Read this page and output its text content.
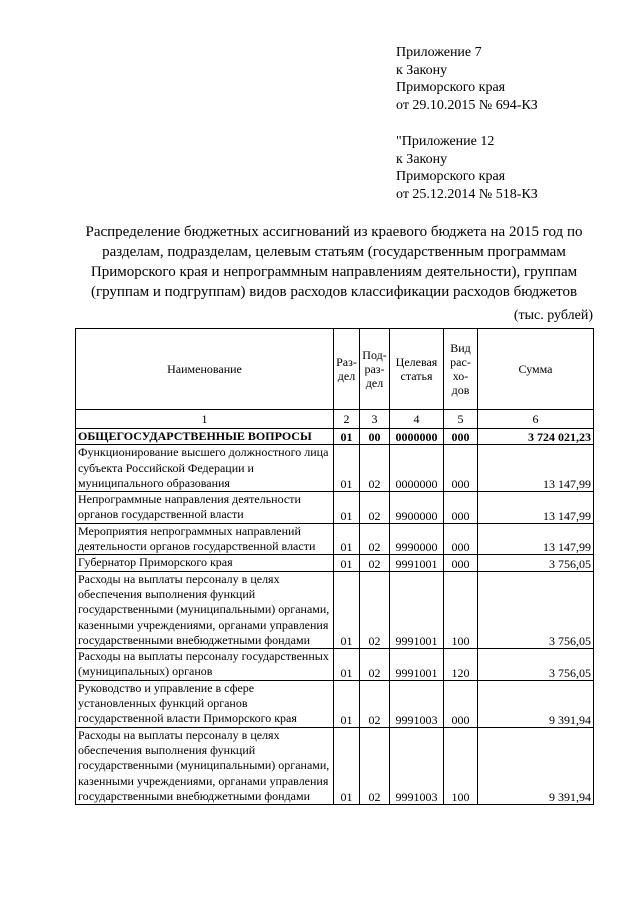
Приложение 7
к Закону
Приморского края
от 29.10.2015 № 694-КЗ
"Приложение 12
к Закону
Приморского края
от 25.12.2014 № 518-КЗ
Распределение бюджетных ассигнований из краевого бюджета на 2015 год по разделам, подразделам, целевым статьям (государственным программам Приморского края и непрограммным направлениям деятельности), группам (группам и подгруппам) видов расходов классификации расходов бюджетов
(тыс. рублей)
Наименование	Раз-дел	Под-раз-дел	Целевая статья	Вид рас-хо-дов	Сумма
1	2	3	4	5	6
ОБЩЕГОСУДАРСТВЕННЫЕ ВОПРОСЫ	01	00	0000000	000	3 724 021,23
Функционирование высшего должностного лица субъекта Российской Федерации и муниципального образования	01	02	0000000	000	13 147,99
Непрограммные направления деятельности органов государственной власти	01	02	9900000	000	13 147,99
Мероприятия непрограммных направлений деятельности органов государственной власти	01	02	9990000	000	13 147,99
Губернатор Приморского края	01	02	9991001	000	3 756,05
Расходы на выплаты персоналу в целях обеспечения выполнения функций государственными (муниципальными) органами, казенными учреждениями, органами управления государственными внебюджетными фондами	01	02	9991001	100	3 756,05
Расходы на выплаты персоналу государственных (муниципальных) органов	01	02	9991001	120	3 756,05
Руководство и управление в сфере установленных функций органов государственной власти Приморского края	01	02	9991003	000	9 391,94
Расходы на выплаты персоналу в целях обеспечения выполнения функций государственными (муниципальными) органами, казенными учреждениями, органами управления государственными внебюджетными фондами	01	02	9991003	100	9 391,94
